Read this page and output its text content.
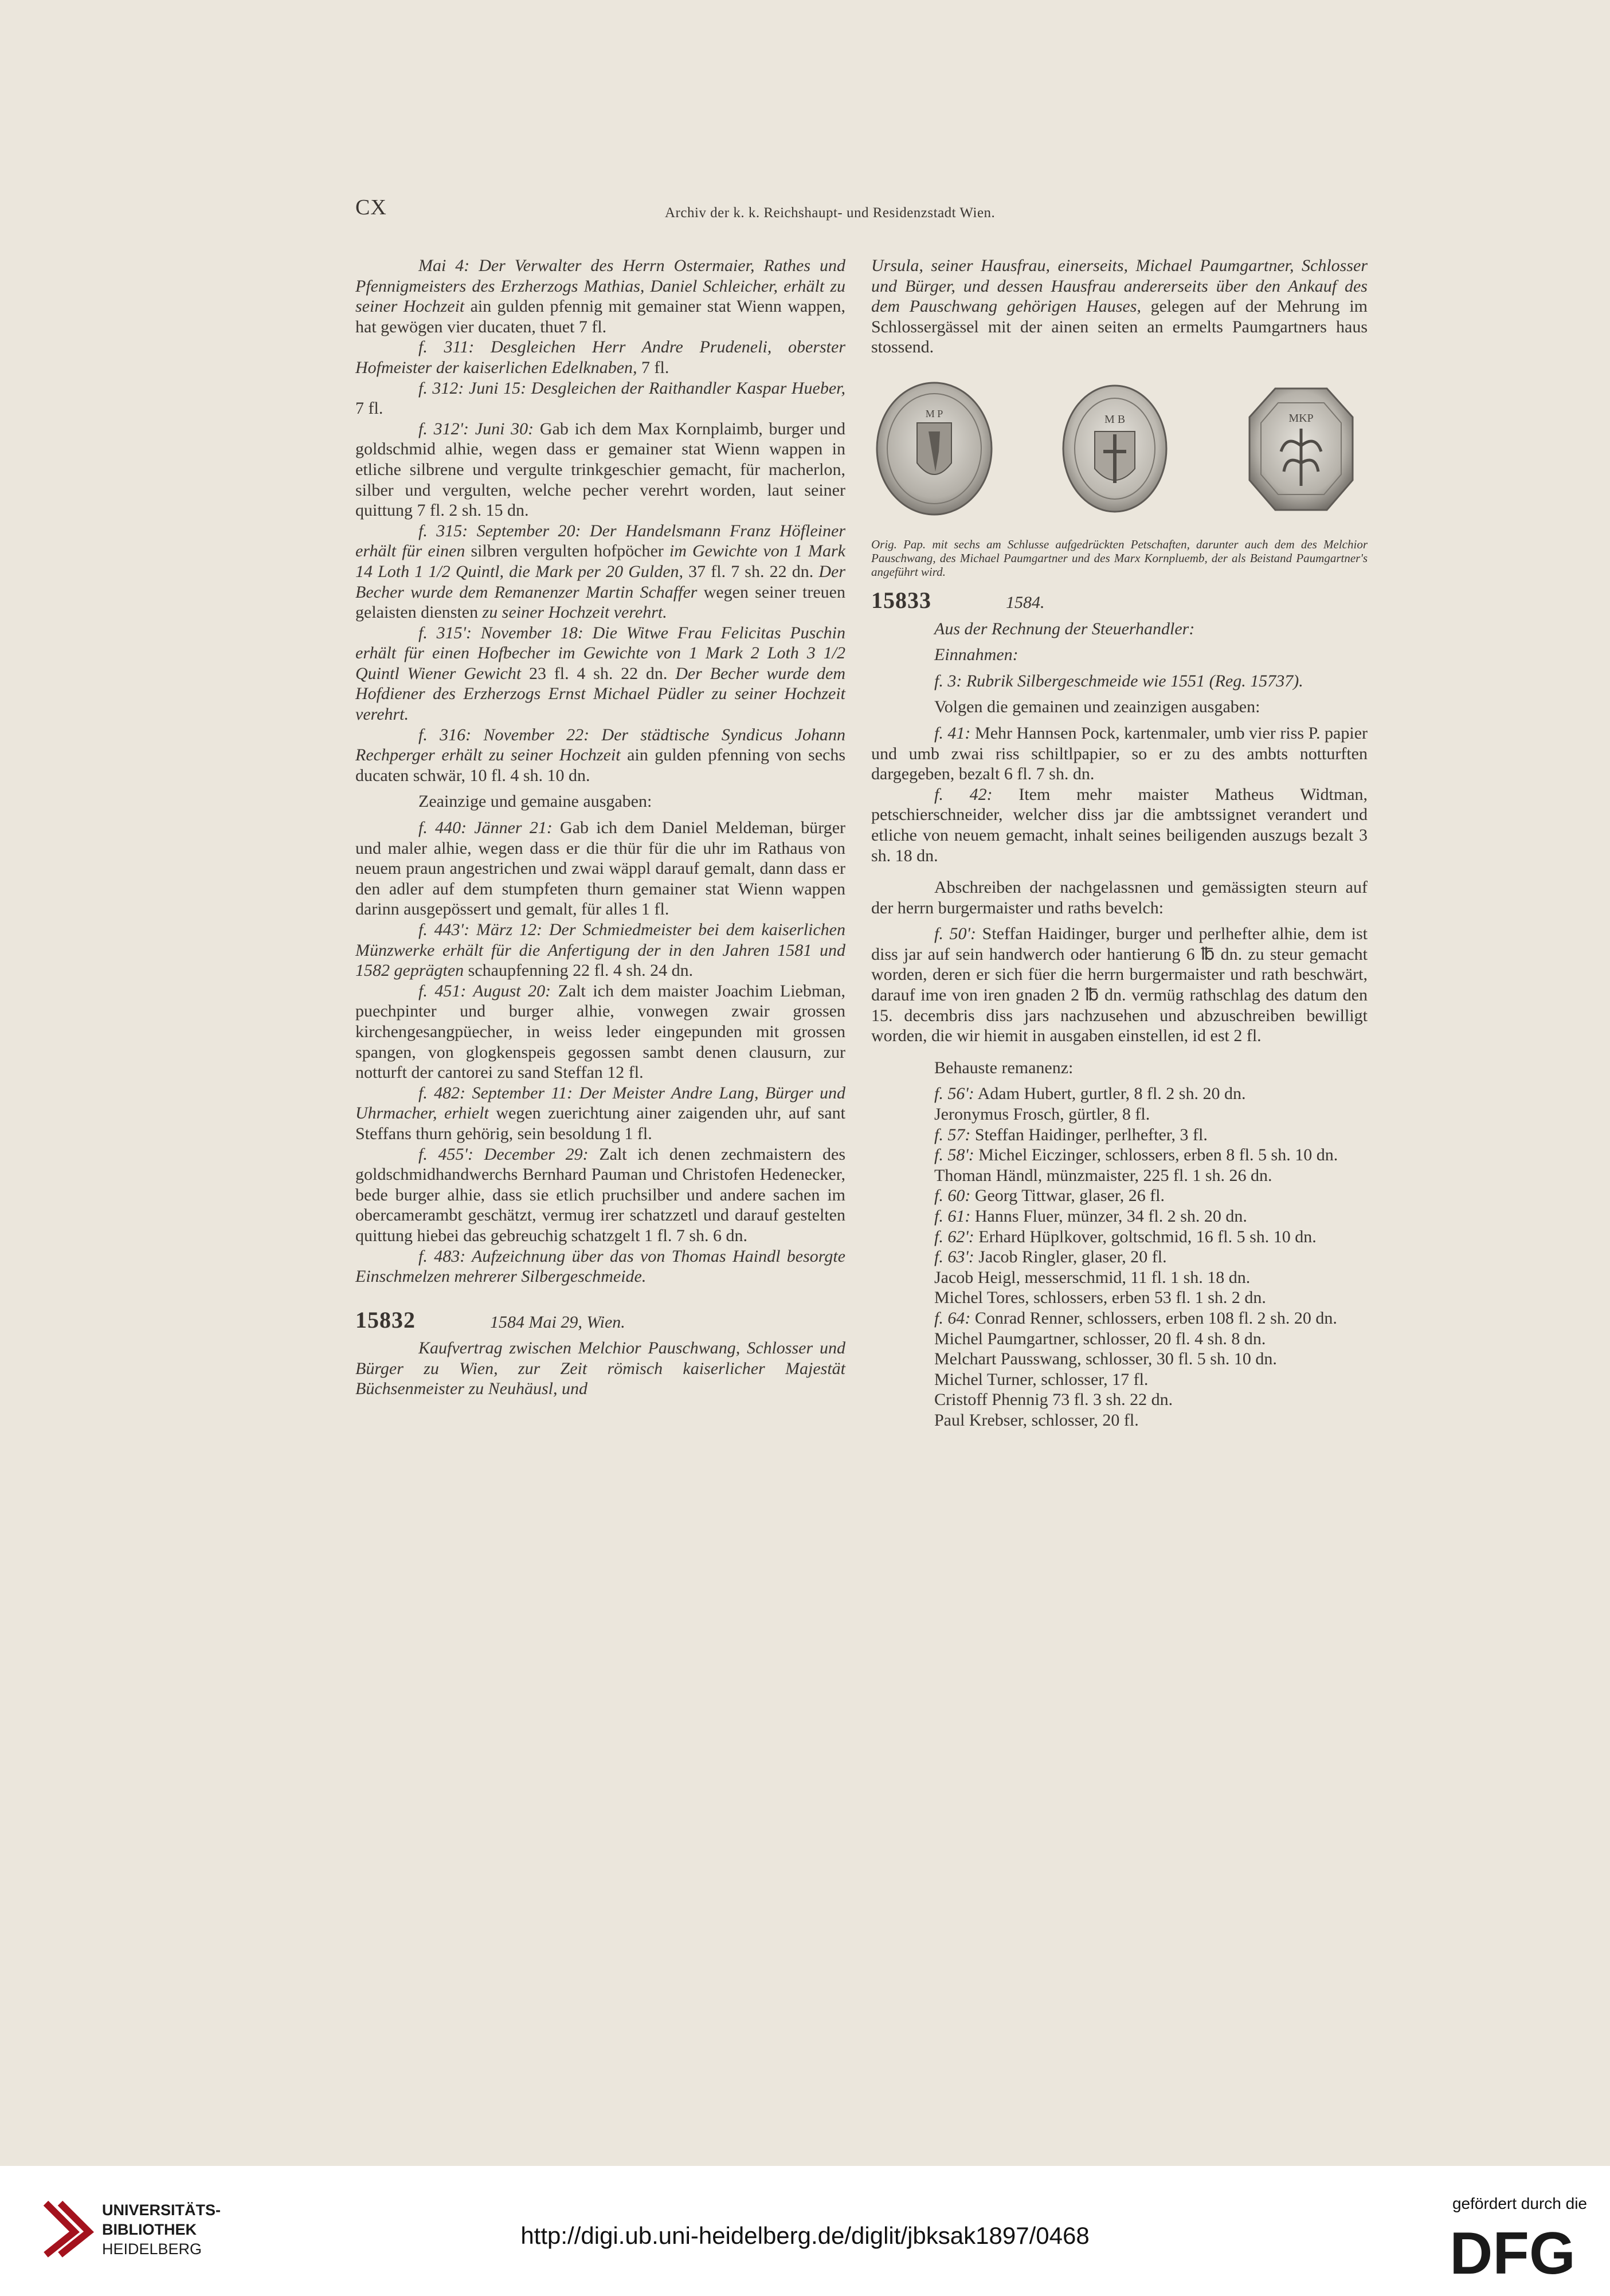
CX	Archiv der k. k. Reichshaupt- und Residenzstadt Wien.

Mai 4: Der Verwalter des Herrn Ostermaier, Rathes und Pfennigmeisters des Erzherzogs Mathias, Daniel Schleicher, erhält zu seiner Hochzeit ain gulden pfennig mit gemainer stat Wienn wappen, hat gewögen vier ducaten, thuet 7 fl.

f. 311: Desgleichen Herr Andre Prudeneli, oberster Hofmeister der kaiserlichen Edelknaben, 7 fl.

f. 312: Juni 15: Desgleichen der Raithandler Kaspar Hueber, 7 fl.

f. 312': Juni 30: Gab ich dem Max Kornplaimb, burger und goldschmid alhie, wegen dass er gemainer stat Wienn wappen in etliche silbrene und vergulte trinkgeschier gemacht, für macherlon, silber und vergulten, welche pecher verehrt worden, laut seiner quittung 7 fl. 2 sh. 15 dn.

f. 315: September 20: Der Handelsmann Franz Höfleiner erhält für einen silbren vergulten hofpöcher im Gewichte von 1 Mark 14 Loth 1 1/2 Quintl, die Mark per 20 Gulden, 37 fl. 7 sh. 22 dn. Der Becher wurde dem Remanenzer Martin Schaffer wegen seiner treuen gelaisten diensten zu seiner Hochzeit verehrt.

f. 315': November 18: Die Witwe Frau Felicitas Puschin erhält für einen Hofbecher im Gewichte von 1 Mark 2 Loth 3 1/2 Quintl Wiener Gewicht 23 fl. 4 sh. 22 dn. Der Becher wurde dem Hofdiener des Erzherzogs Ernst Michael Püdler zu seiner Hochzeit verehrt.

f. 316: November 22: Der städtische Syndicus Johann Rechperger erhält zu seiner Hochzeit ain gulden pfenning von sechs ducaten schwär, 10 fl. 4 sh. 10 dn.

Zeainzige und gemaine ausgaben:

f. 440: Jänner 21: Gab ich dem Daniel Meldeman, bürger und maler alhie, wegen dass er die thür für die uhr im Rathaus von neuem praun angestrichen und zwai wäppl darauf gemalt, dann dass er den adler auf dem stumpfeten thurn gemainer stat Wienn wappen darinn ausgepössert und gemalt, für alles 1 fl.

f. 443': März 12: Der Schmiedmeister bei dem kaiserlichen Münzwerke erhält für die Anfertigung der in den Jahren 1581 und 1582 geprägten schaupfenning 22 fl. 4 sh. 24 dn.

f. 451: August 20: Zalt ich dem maister Joachim Liebman, puechpinter und burger alhie, vonwegen zwair grossen kirchengesangpüecher, in weiss leder eingepunden mit grossen spangen, von glogkenspeis gegossen sambt denen clausurn, zur notturft der cantorei zu sand Steffan 12 fl.

f. 482: September 11: Der Meister Andre Lang, Bürger und Uhrmacher, erhielt wegen zuerichtung ainer zaigenden uhr, auf sant Steffans thurn gehörig, sein besoldung 1 fl.

f. 455': December 29: Zalt ich denen zechmaistern des goldschmidhandwerchs Bernhard Pauman und Christofen Hedenecker, bede burger alhie, dass sie etlich pruchsilber und andere sachen im obercamerambt geschätzt, vermug irer schatzzetl und darauf gestelten quittung hiebei das gebreuchig schatzgelt 1 fl. 7 sh. 6 dn.

f. 483: Aufzeichnung über das von Thomas Haindl besorgte Einschmelzen mehrerer Silbergeschmeide.

15832	1584 Mai 29, Wien.

Kaufvertrag zwischen Melchior Pauschwang, Schlosser und Bürger zu Wien, zur Zeit römisch kaiserlicher Majestät Büchsenmeister zu Neuhäusl, und

Ursula, seiner Hausfrau, einerseits, Michael Paumgartner, Schlosser und Bürger, und dessen Hausfrau andererseits über den Ankauf des dem Pauschwang gehörigen Hauses, gelegen auf der Mehrung im Schlossergässel mit der ainen seiten an ermelts Paumgartners haus stossend.

M P	M B	MKP

Orig. Pap. mit sechs am Schlusse aufgedrückten Petschaften, darunter auch dem des Melchior Pauschwang, des Michael Paumgartner und des Marx Kornpluemb, der als Beistand Paumgartner's angeführt wird.

15833	1584.

Aus der Rechnung der Steuerhandler:

Einnahmen:

f. 3: Rubrik Silbergeschmeide wie 1551 (Reg. 15737).

Volgen die gemainen und zeainzigen ausgaben:

f. 41: Mehr Hannsen Pock, kartenmaler, umb vier riss P. papier und umb zwai riss schiltlpapier, so er zu des ambts notturften dargegeben, bezalt 6 fl. 7 sh. dn.

f. 42: Item mehr maister Matheus Widtman, petschierschneider, welcher diss jar die ambtssignet verandert und etliche von neuem gemacht, inhalt seines beiligenden auszugs bezalt 3 sh. 18 dn.

Abschreiben der nachgelassnen und gemässigten steurn auf der herrn burgermaister und raths bevelch:

f. 50': Steffan Haidinger, burger und perlhefter alhie, dem ist diss jar auf sein handwerch oder hantierung 6 ℔ dn. zu steur gemacht worden, deren er sich füer die herrn burgermaister und rath beschwärt, darauf ime von iren gnaden 2 ℔ dn. vermüg rathschlag des datum den 15. decembris diss jars nachzusehen und abzuschreiben bewilligt worden, die wir hiemit in ausgaben einstellen, id est 2 fl.

Behauste remanenz:

f. 56': Adam Hubert, gurtler, 8 fl. 2 sh. 20 dn.

Jeronymus Frosch, gürtler, 8 fl.

f. 57: Steffan Haidinger, perlhefter, 3 fl.

f. 58': Michel Eiczinger, schlossers, erben 8 fl. 5 sh. 10 dn.

Thoman Händl, münzmaister, 225 fl. 1 sh. 26 dn.

f. 60: Georg Tittwar, glaser, 26 fl.

f. 61: Hanns Fluer, münzer, 34 fl. 2 sh. 20 dn.

f. 62': Erhard Hüplkover, goltschmid, 16 fl. 5 sh. 10 dn.

f. 63': Jacob Ringler, glaser, 20 fl.

Jacob Heigl, messerschmid, 11 fl. 1 sh. 18 dn.

Michel Tores, schlossers, erben 53 fl. 1 sh. 2 dn.

f. 64: Conrad Renner, schlossers, erben 108 fl. 2 sh. 20 dn.

Michel Paumgartner, schlosser, 20 fl. 4 sh. 8 dn.

Melchart Pausswang, schlosser, 30 fl. 5 sh. 10 dn.

Michel Turner, schlosser, 17 fl.

Cristoff Phennig 73 fl. 3 sh. 22 dn.

Paul Krebser, schlosser, 20 fl.

UNIVERSITÄTS-
BIBLIOTHEK
HEIDELBERG	http://digi.ub.uni-heidelberg.de/diglit/jbksak1897/0468
gefördert durch die
DFG
